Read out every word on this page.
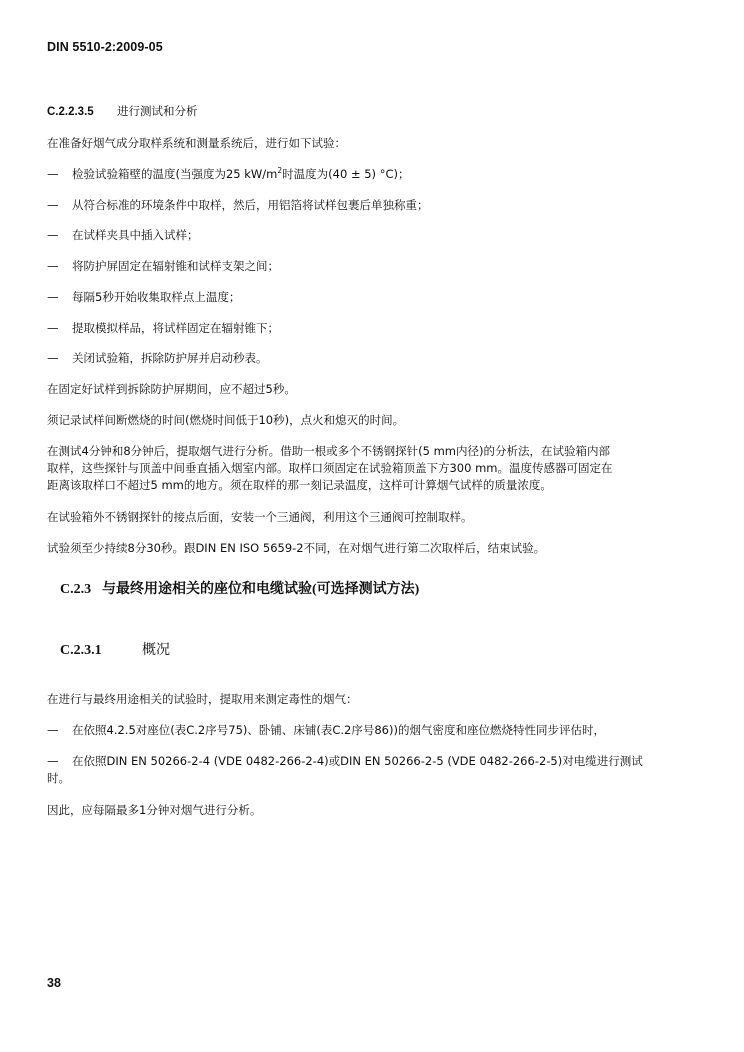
DIN 5510-2:2009-05
C.2.2.3.5 进行测试和分析
在准备好烟气成分取样系统和测量系统后，进行如下试验：
— 检验试验箱壁的温度(当强度为25 $kW/m^2$时温度为(40 ± 5) °C)；
— 从符合标准的环境条件中取样，然后，用铝箔将试样包裹后单独称重；
— 在试样夹具中插入试样；
— 将防护屏固定在辐射锥和试样支架之间；
— 每隔5秒开始收集取样点上温度；
— 提取模拟样品，将试样固定在辐射锥下；
— 关闭试验箱，拆除防护屏并启动秒表。
在固定好试样到拆除防护屏期间，应不超过5秒。
须记录试样间断燃烧的时间(燃烧时间低于10秒)，点火和熄灭的时间。
在测试4分钟和8分钟后，提取烟气进行分析。借助一根或多个不锈钢探针(5 mm内径)的分析法，在试验箱内部
取样，这些探针与顶盖中间垂直插入烟室内部。取样口须固定在试验箱顶盖下方300 mm。温度传感器可固定在
距离该取样口不超过5 mm的地方。须在取样的那一刻记录温度，这样可计算烟气试样的质量浓度。
在试验箱外不锈钢探针的接点后面，安装一个三通阀，利用这个三通阀可控制取样。
试验须至少持续8分30秒。跟DIN EN ISO 5659-2不同，在对烟气进行第二次取样后，结束试验。
C.2.3 与最终用途相关的座位和电缆试验(可选择测试方法)
C.2.3.1	概况
在进行与最终用途相关的试验时，提取用来测定毒性的烟气：
— 在依照4.2.5对座位(表C.2序号75)、卧铺、床铺(表C.2序号86))的烟气密度和座位燃烧特性同步评估时，
— 在依照DIN EN 50266-2-4 (VDE 0482-266-2-4)或DIN EN 50266-2-5 (VDE 0482-266-2-5)对电缆进行测试
时。
因此，应每隔最多1分钟对烟气进行分析。
38
